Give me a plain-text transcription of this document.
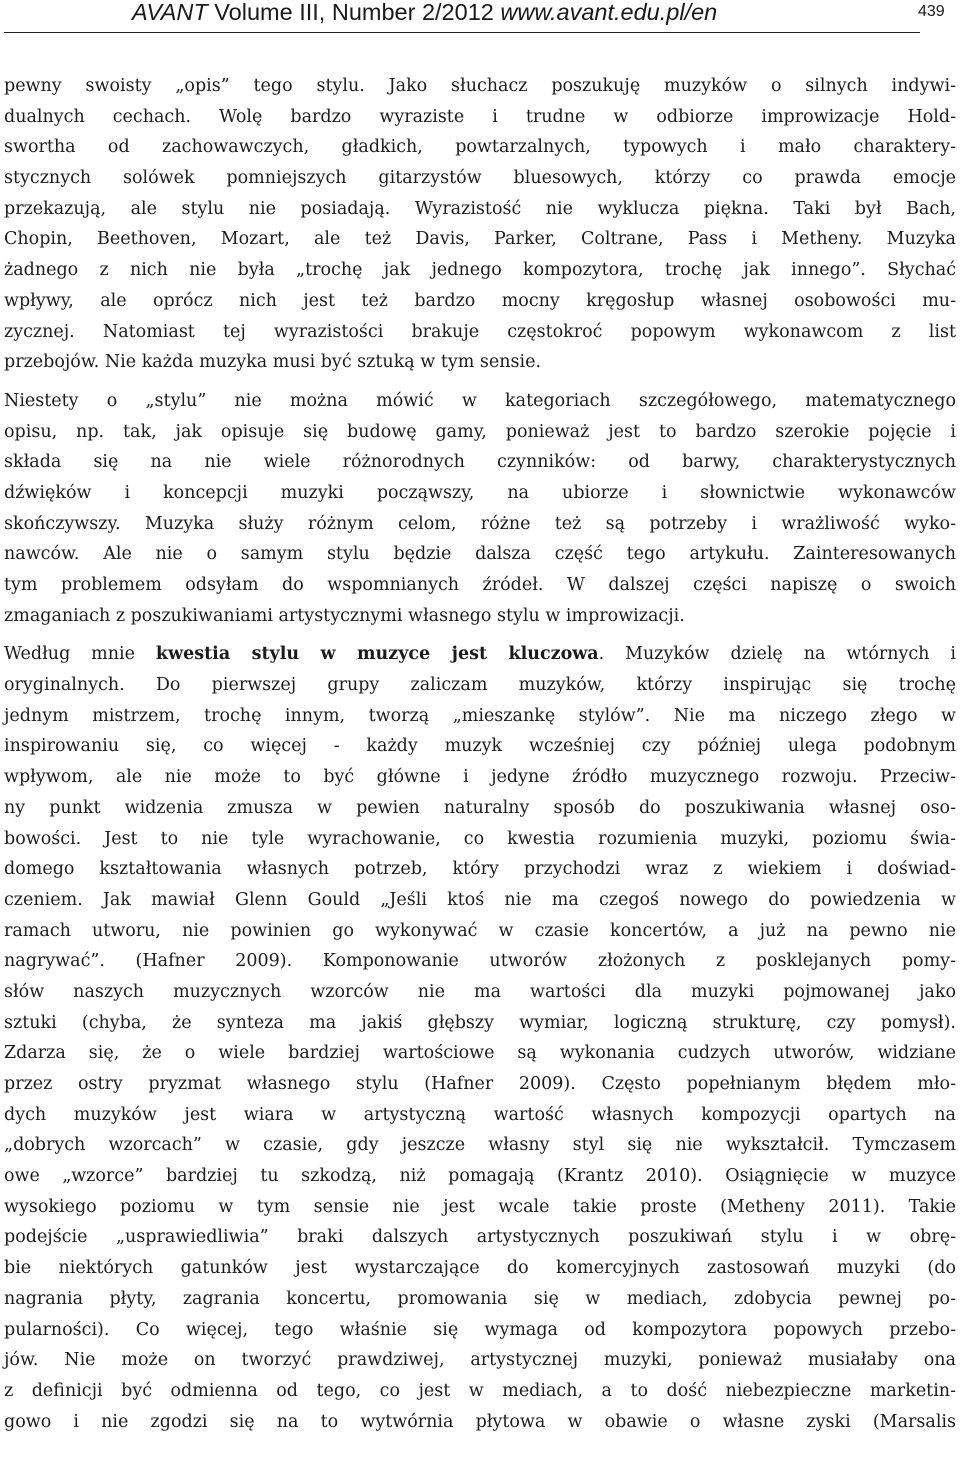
AVANT Volume III, Number 2/2012 www.avant.edu.pl/en	439
pewny swoisty „opis” tego stylu. Jako słuchacz poszukuję muzyków o silnych indywi-
dualnych cechach. Wolę bardzo wyraziste i trudne w odbiorze improwizacje Hold-
swortha od zachowawczych, gładkich, powtarzalnych, typowych i mało charaktery-
stycznych solówek pomniejszych gitarzystów bluesowych, którzy co prawda emocje
przekazują, ale stylu nie posiadają. Wyrazistość nie wyklucza piękna. Taki był Bach,
Chopin, Beethoven, Mozart, ale też Davis, Parker, Coltrane, Pass i Metheny. Muzyka
żadnego z nich nie była „trochę jak jednego kompozytora, trochę jak innego”. Słychać
wpływy, ale oprócz nich jest też bardzo mocny kręgosłup własnej osobowości mu-
zycznej. Natomiast tej wyrazistości brakuje częstokroć popowym wykonawcom z list
przebojów. Nie każda muzyka musi być sztuką w tym sensie.
Niestety o „stylu” nie można mówić w kategoriach szczegółowego, matematycznego
opisu, np. tak, jak opisuje się budowę gamy, ponieważ jest to bardzo szerokie pojęcie i
składa się na nie wiele różnorodnych czynników: od barwy, charakterystycznych
dźwięków i koncepcji muzyki począwszy, na ubiorze i słownictwie wykonawców
skończywszy. Muzyka służy różnym celom, różne też są potrzeby i wrażliwość wyko-
nawców. Ale nie o samym stylu będzie dalsza część tego artykułu. Zainteresowanych
tym problemem odsyłam do wspomnianych źródeł. W dalszej części napiszę o swoich
zmaganiach z poszukiwaniami artystycznymi własnego stylu w improwizacji.
Według mnie kwestia stylu w muzyce jest kluczowa. Muzyków dzielę na wtórnych i
oryginalnych. Do pierwszej grupy zaliczam muzyków, którzy inspirując się trochę
jednym mistrzem, trochę innym, tworzą „mieszankę stylów”. Nie ma niczego złego w
inspirowaniu się, co więcej - każdy muzyk wcześniej czy później ulega podobnym
wpływom, ale nie może to być główne i jedyne źródło muzycznego rozwoju. Przeciw-
ny punkt widzenia zmusza w pewien naturalny sposób do poszukiwania własnej oso-
bowości. Jest to nie tyle wyrachowanie, co kwestia rozumienia muzyki, poziomu świa-
domego kształtowania własnych potrzeb, który przychodzi wraz z wiekiem i doświad-
czeniem. Jak mawiał Glenn Gould „Jeśli ktoś nie ma czegoś nowego do powiedzenia w
ramach utworu, nie powinien go wykonywać w czasie koncertów, a już na pewno nie
nagrywać”. (Hafner 2009). Komponowanie utworów złożonych z posklejanych pomy-
słów naszych muzycznych wzorców nie ma wartości dla muzyki pojmowanej jako
sztuki (chyba, że synteza ma jakiś głębszy wymiar, logiczną strukturę, czy pomysł).
Zdarza się, że o wiele bardziej wartościowe są wykonania cudzych utworów, widziane
przez ostry pryzmat własnego stylu (Hafner 2009). Często popełnianym błędem mło-
dych muzyków jest wiara w artystyczną wartość własnych kompozycji opartych na
„dobrych wzorcach” w czasie, gdy jeszcze własny styl się nie wykształcił. Tymczasem
owe „wzorce” bardziej tu szkodzą, niż pomagają (Krantz 2010). Osiągnięcie w muzyce
wysokiego poziomu w tym sensie nie jest wcale takie proste (Metheny 2011). Takie
podejście „usprawiedliwia” braki dalszych artystycznych poszukiwań stylu i w obrę-
bie niektórych gatunków jest wystarczające do komercyjnych zastosowań muzyki (do
nagrania płyty, zagrania koncertu, promowania się w mediach, zdobycia pewnej po-
pularności). Co więcej, tego właśnie się wymaga od kompozytora popowych przebo-
jów. Nie może on tworzyć prawdziwej, artystycznej muzyki, ponieważ musiałaby ona
z definicji być odmienna od tego, co jest w mediach, a to dość niebezpieczne marketin-
gowo i nie zgodzi się na to wytwórnia płytowa w obawie o własne zyski (Marsalis
